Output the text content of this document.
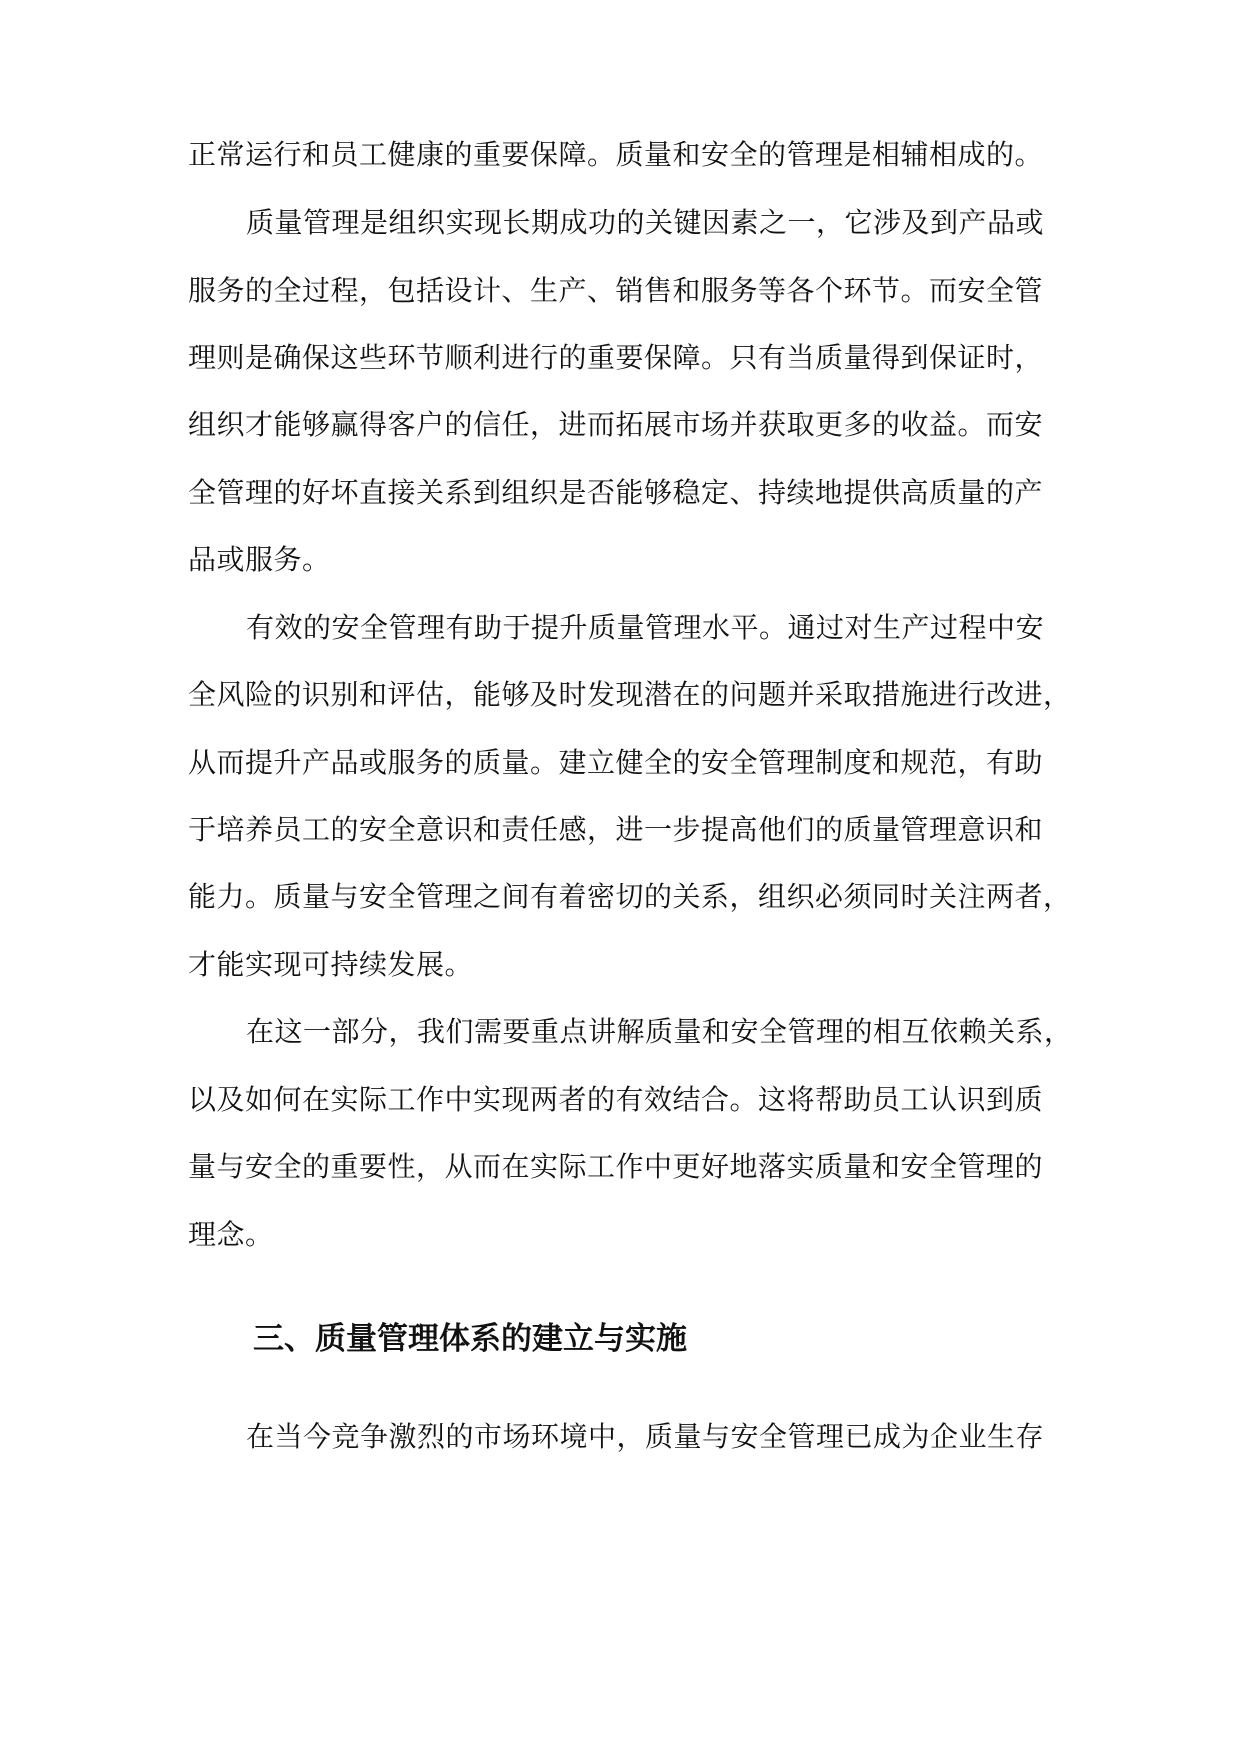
正常运行和员工健康的重要保障。质量和安全的管理是相辅相成的。

质量管理是组织实现长期成功的关键因素之一，它涉及到产品或

服务的全过程，包括设计、生产、销售和服务等各个环节。而安全管

理则是确保这些环节顺利进行的重要保障。只有当质量得到保证时，

组织才能够赢得客户的信任，进而拓展市场并获取更多的收益。而安

全管理的好坏直接关系到组织是否能够稳定、持续地提供高质量的产

品或服务。

有效的安全管理有助于提升质量管理水平。通过对生产过程中安

全风险的识别和评估，能够及时发现潜在的问题并采取措施进行改进，

从而提升产品或服务的质量。建立健全的安全管理制度和规范，有助

于培养员工的安全意识和责任感，进一步提高他们的质量管理意识和

能力。质量与安全管理之间有着密切的关系，组织必须同时关注两者，

才能实现可持续发展。

在这一部分，我们需要重点讲解质量和安全管理的相互依赖关系，

以及如何在实际工作中实现两者的有效结合。这将帮助员工认识到质

量与安全的重要性，从而在实际工作中更好地落实质量和安全管理的

理念。

三、质量管理体系的建立与实施

在当今竞争激烈的市场环境中，质量与安全管理已成为企业生存
